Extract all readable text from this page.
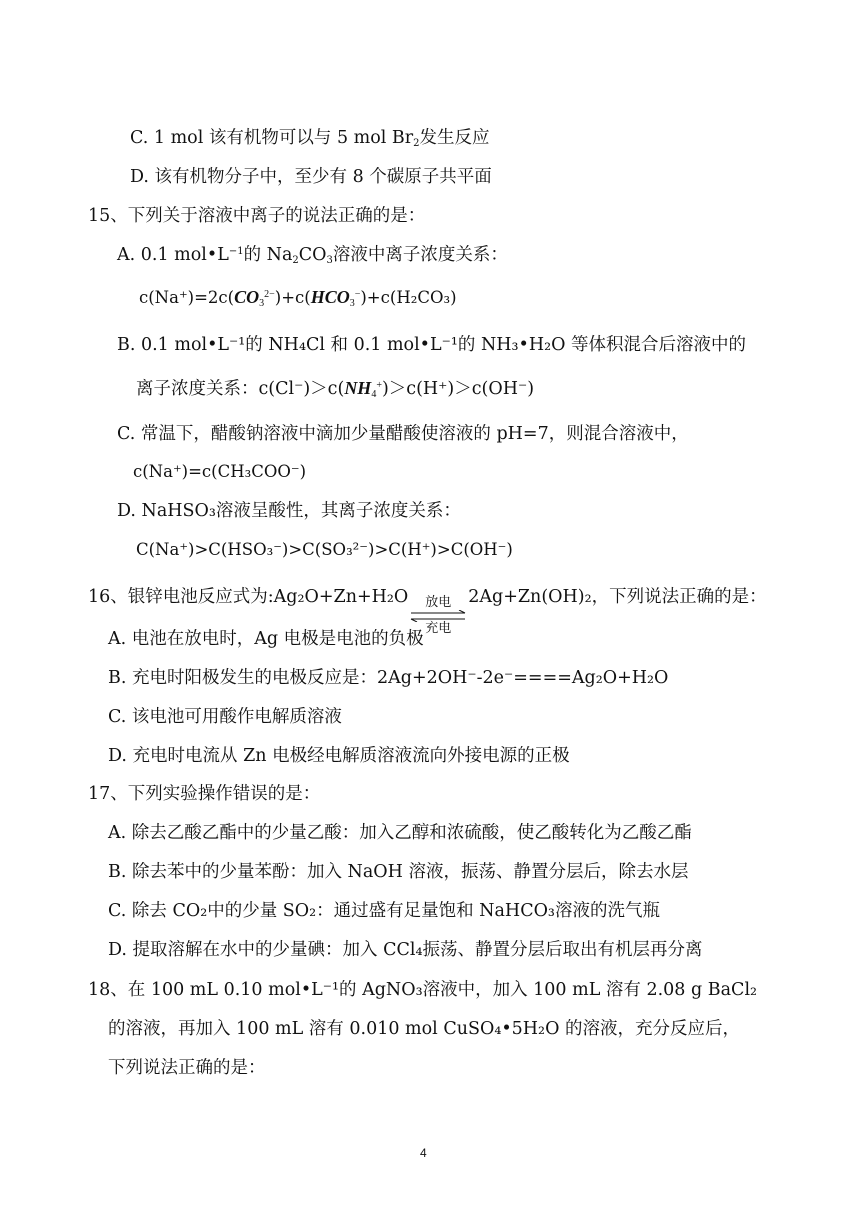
C. 1 mol 该有机物可以与 5 mol $Br_2$发生反应
D. 该有机物分子中，至少有 8 个碳原子共平面
15、下列关于溶液中离子的说法正确的是：
A. 0.1 $mol•L^{-1}$的 $Na_2CO_3$溶液中离子浓度关系：
$c(Na^+)=2c(CO_3^{2-})+c(HCO_3^-)+c(H_2CO_3)$
B. 0.1 mol•L⁻¹的 NH₄Cl 和 0.1 mol•L⁻¹的 NH₃•H₂O 等体积混合后溶液中的
离子浓度关系：$c(Cl^-)>c(NH_4^+)>c(H^+)>c(OH^-)$
C. 常温下，醋酸钠溶液中滴加少量醋酸使溶液的 pH=7，则混合溶液中，
c(Na⁺)=c(CH₃COO⁻)
D. NaHSO₃溶液呈酸性，其离子浓度关系：
C(Na⁺)>C(HSO₃⁻)>C(SO₃²⁻)>C(H⁺)>C(OH⁻)
16、银锌电池反应式为:Ag₂O+Zn+H₂O 放电
充电
2Ag+Zn(OH)₂，下列说法正确的是：
A. 电池在放电时，Ag 电极是电池的负极
B. 充电时阳极发生的电极反应是：2Ag+2OH⁻-2e⁻====Ag₂O+H₂O
C. 该电池可用酸作电解质溶液
D. 充电时电流从 Zn 电极经电解质溶液流向外接电源的正极
17、下列实验操作错误的是：
A. 除去乙酸乙酯中的少量乙酸：加入乙醇和浓硫酸，使乙酸转化为乙酸乙酯
B. 除去苯中的少量苯酚：加入 NaOH 溶液，振荡、静置分层后，除去水层
C. 除去 CO₂中的少量 SO₂：通过盛有足量饱和 NaHCO₃溶液的洗气瓶
D. 提取溶解在水中的少量碘：加入 CCl₄振荡、静置分层后取出有机层再分离
18、在 100 mL 0.10 mol•L⁻¹的 AgNO₃溶液中，加入 100 mL 溶有 2.08 g BaCl₂
的溶液，再加入 100 mL 溶有 0.010 mol CuSO₄•5H₂O 的溶液，充分反应后，
下列说法正确的是：
4
